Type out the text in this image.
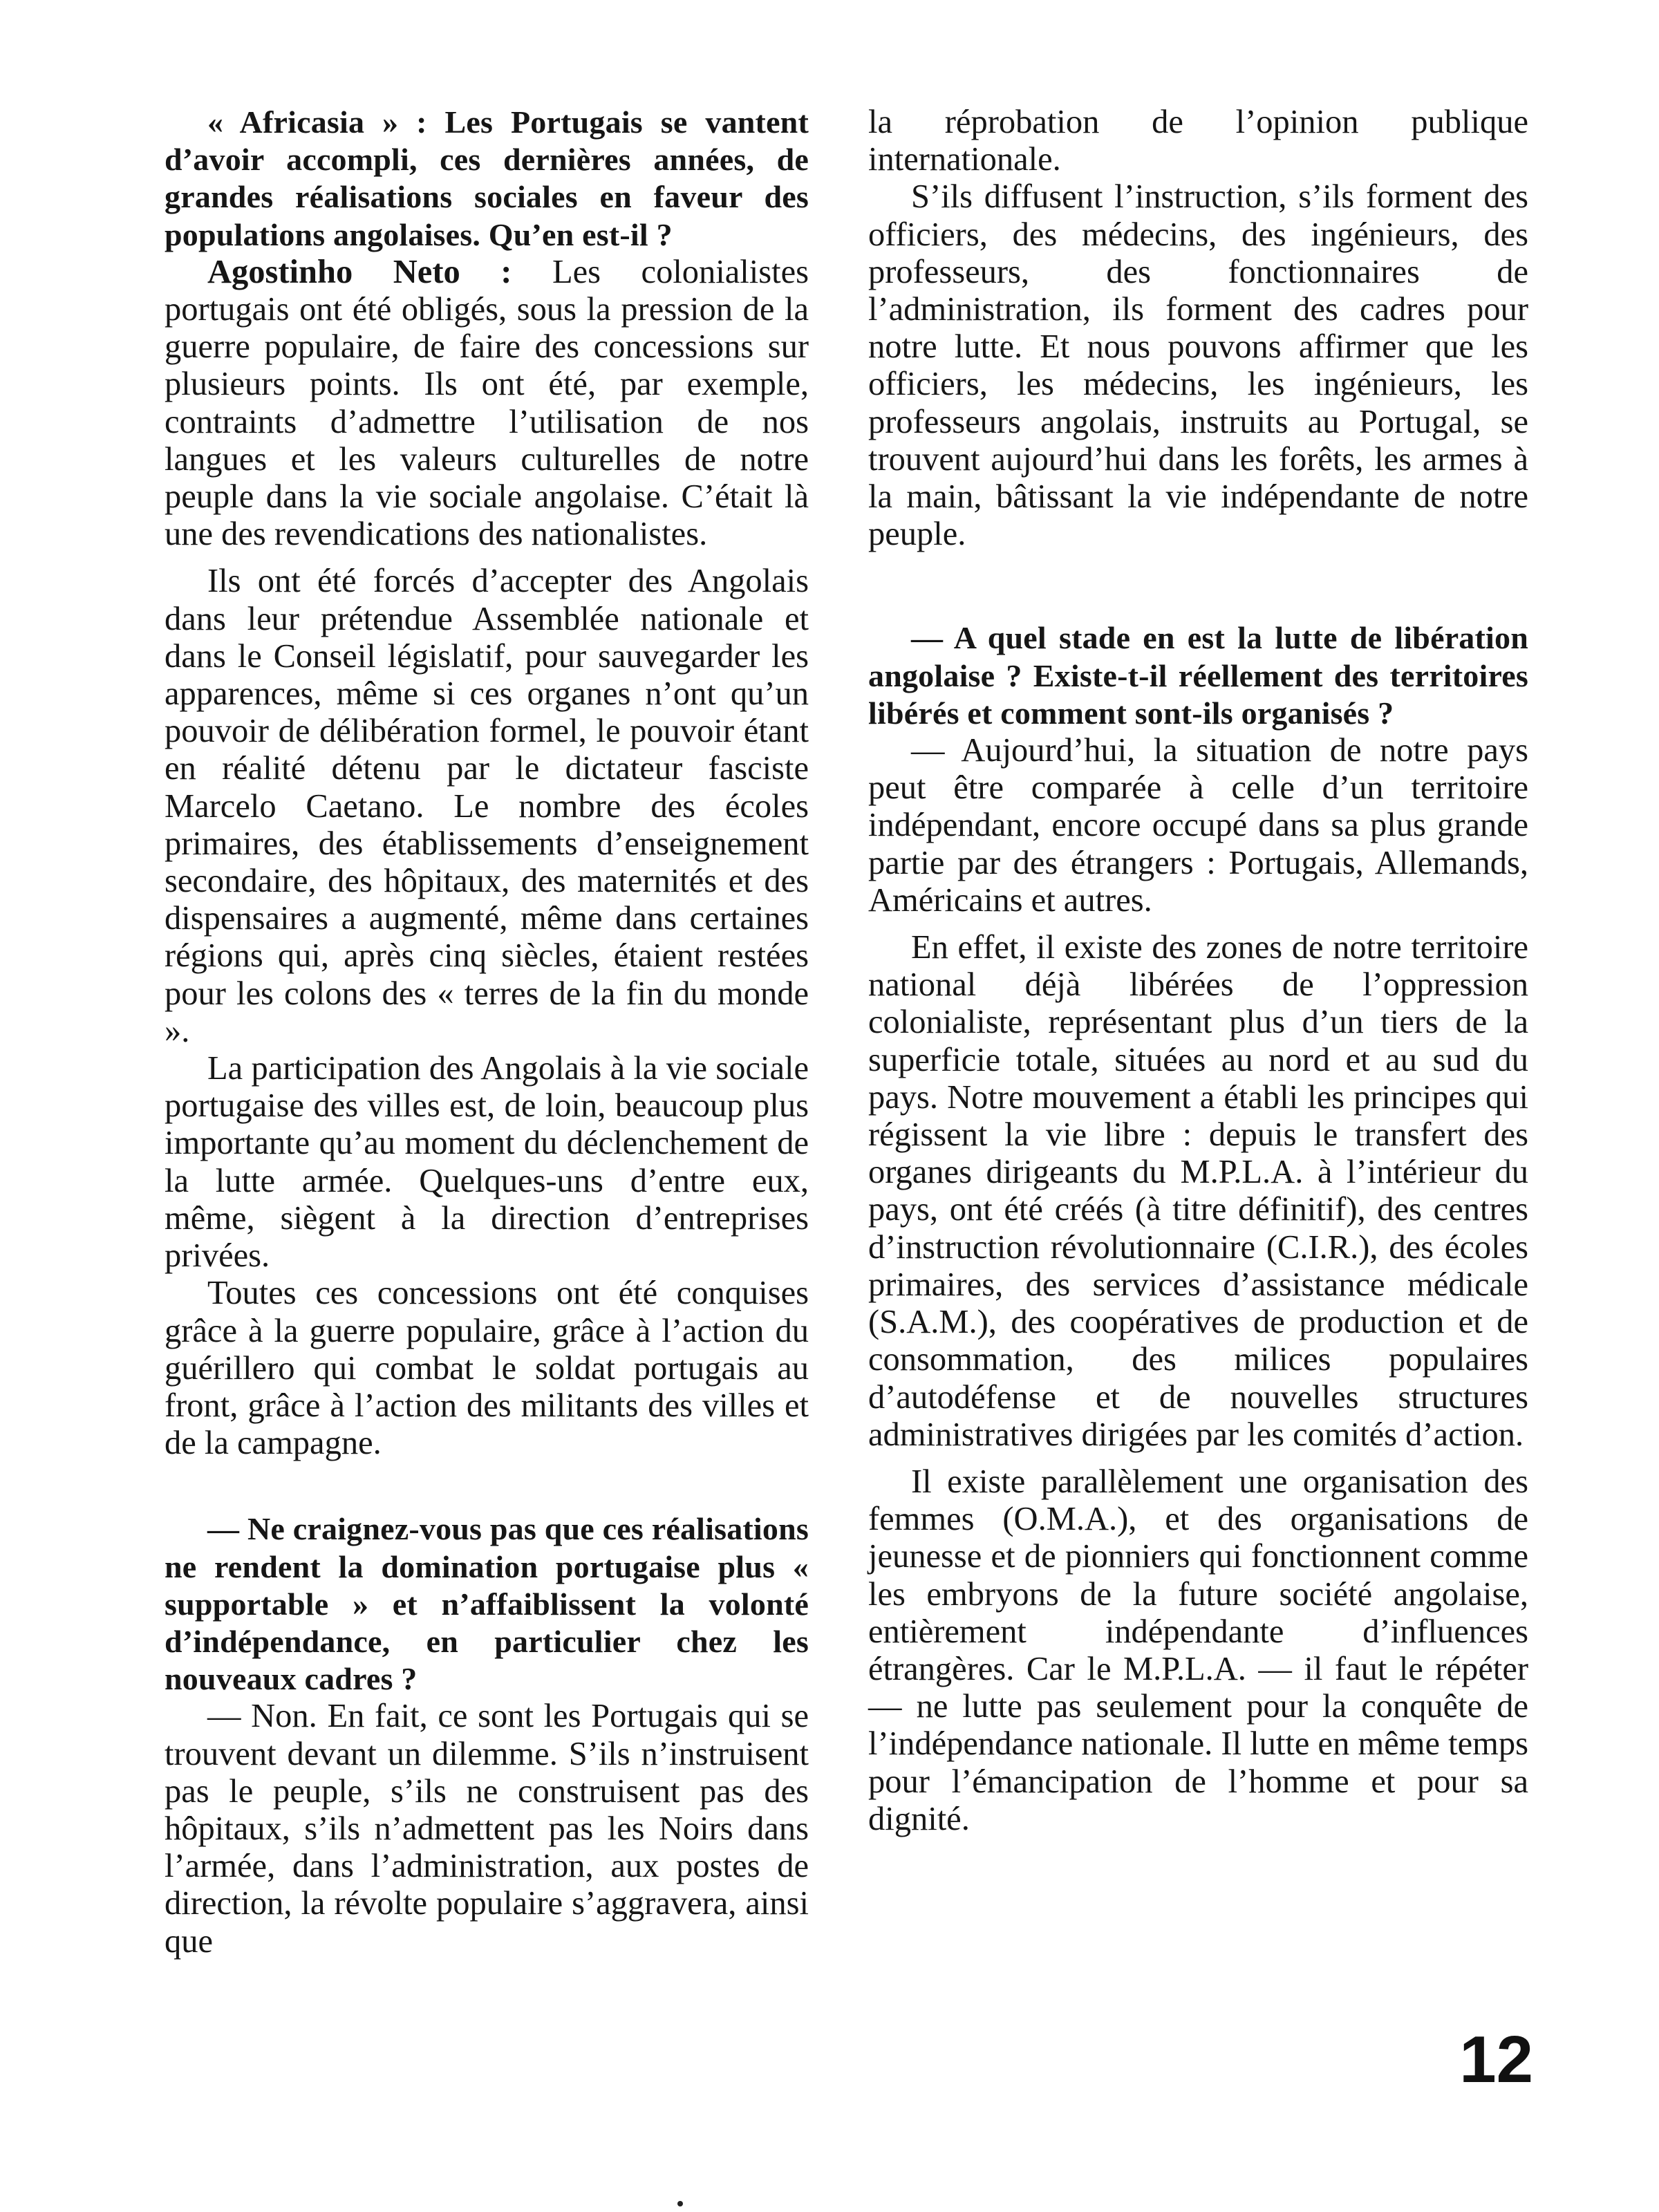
« Africasia » : Les Portugais se vantent d’avoir accompli, ces dernières années, de grandes réalisations sociales en faveur des populations angolaises. Qu’en est-il ?

Agostinho Neto : Les colonialistes portugais ont été obligés, sous la pression de la guerre populaire, de faire des concessions sur plusieurs points. Ils ont été, par exemple, contraints d’admettre l’utilisation de nos langues et les valeurs culturelles de notre peuple dans la vie sociale angolaise. C’était là une des revendications des nationalistes.

Ils ont été forcés d’accepter des Angolais dans leur prétendue Assemblée nationale et dans le Conseil législatif, pour sauvegarder les apparences, même si ces organes n’ont qu’un pouvoir de délibération formel, le pouvoir étant en réalité détenu par le dictateur fasciste Marcelo Caetano. Le nombre des écoles primaires, des établissements d’enseignement secondaire, des hôpitaux, des maternités et des dispensaires a augmenté, même dans certaines régions qui, après cinq siècles, étaient restées pour les colons des « terres de la fin du monde ».

La participation des Angolais à la vie sociale portugaise des villes est, de loin, beaucoup plus importante qu’au moment du déclenchement de la lutte armée. Quelques-uns d’entre eux, même, siègent à la direction d’entreprises privées.

Toutes ces concessions ont été conquises grâce à la guerre populaire, grâce à l’action du guérillero qui combat le soldat portugais au front, grâce à l’action des militants des villes et de la campagne.

— Ne craignez-vous pas que ces réalisations ne rendent la domination portugaise plus « supportable » et n’affaiblissent la volonté d’indépendance, en particulier chez les nouveaux cadres ?

— Non. En fait, ce sont les Portugais qui se trouvent devant un dilemme. S’ils n’instruisent pas le peuple, s’ils ne construisent pas des hôpitaux, s’ils n’admettent pas les Noirs dans l’armée, dans l’administration, aux postes de direction, la révolte populaire s’aggravera, ainsi que

la réprobation de l’opinion publique internationale.

S’ils diffusent l’instruction, s’ils forment des officiers, des médecins, des ingénieurs, des professeurs, des fonctionnaires de l’administration, ils forment des cadres pour notre lutte. Et nous pouvons affirmer que les officiers, les médecins, les ingénieurs, les professeurs angolais, instruits au Portugal, se trouvent aujourd’hui dans les forêts, les armes à la main, bâtissant la vie indépendante de notre peuple.

— A quel stade en est la lutte de libération angolaise ? Existe-t-il réellement des territoires libérés et comment sont-ils organisés ?

— Aujourd’hui, la situation de notre pays peut être comparée à celle d’un territoire indépendant, encore occupé dans sa plus grande partie par des étrangers : Portugais, Allemands, Américains et autres.

En effet, il existe des zones de notre territoire national déjà libérées de l’oppression colonialiste, représentant plus d’un tiers de la superficie totale, situées au nord et au sud du pays. Notre mouvement a établi les principes qui régissent la vie libre : depuis le transfert des organes dirigeants du M.P.L.A. à l’intérieur du pays, ont été créés (à titre définitif), des centres d’instruction révolutionnaire (C.I.R.), des écoles primaires, des services d’assistance médicale (S.A.M.), des coopératives de production et de consommation, des milices populaires d’autodéfense et de nouvelles structures administratives dirigées par les comités d’action.

Il existe parallèlement une organisation des femmes (O.M.A.), et des organisations de jeunesse et de pionniers qui fonctionnent comme les embryons de la future société angolaise, entièrement indépendante d’influences étrangères. Car le M.P.L.A. — il faut le répéter — ne lutte pas seulement pour la conquête de l’indépendance nationale. Il lutte en même temps pour l’émancipation de l’homme et pour sa dignité.

12
